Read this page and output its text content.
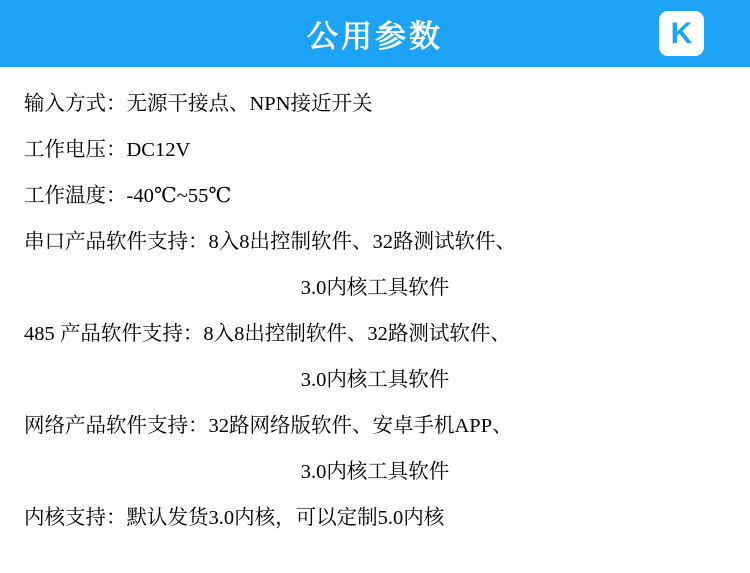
公用参数	K
输入方式：无源干接点、NPN接近开关
工作电压：DC12V
工作温度：-40℃~55℃
串口产品软件支持：8入8出控制软件、32路测试软件、
3.0内核工具软件
485 产品软件支持：8入8出控制软件、32路测试软件、
3.0内核工具软件
网络产品软件支持：32路网络版软件、安卓手机APP、
3.0内核工具软件
内核支持：默认发货3.0内核，可以定制5.0内核
